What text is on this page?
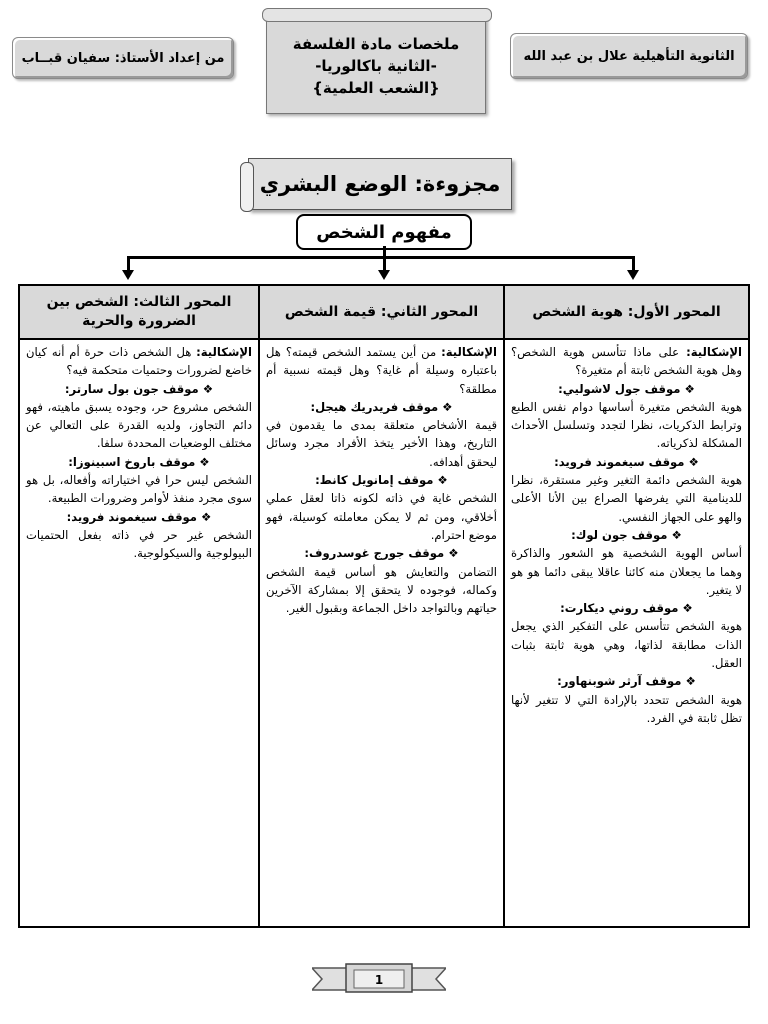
الثانوية التأهيلية علال بن عبد الله
من إعداد الأستاذ: سفيان قبــاب
ملخصات مادة الفلسفة
-الثانية باكالوريا-
{الشعب العلمية}
مجزوءة: الوضع البشري
مفهوم الشخص
المحور الأول: هوية الشخص

الإشكالية: على ماذا تتأسس هوية الشخص؟ وهل هوية الشخص ثابتة أم متغيرة؟

❖موقف جول لاشوليي:

هوية الشخص متغيرة أساسها دوام نفس الطبع وترابط الذكريات، نظرا لتجدد وتسلسل الأحداث المشكلة لذكرياته.

❖موقف سيغموند فرويد:

هوية الشخص دائمة التغير وغير مستقرة، نظرا للدينامية التي يفرضها الصراع بين الأنا الأعلى والهو على الجهاز النفسي.

❖موقف جون لوك:

أساس الهوية الشخصية هو الشعور والذاكرة وهما ما يجعلان منه كائنا عاقلا يبقى دائما هو هو لا يتغير.

❖موقف روني ديكارت:

هوية الشخص تتأسس على التفكير الذي يجعل الذات مطابقة لذاتها، وهي هوية ثابتة بثبات العقل.

❖موقف آرثر شوبنهاور:

هوية الشخص تتحدد بالإرادة التي لا تتغير لأنها تظل ثابتة في الفرد.

المحور الثاني: قيمة الشخص

الإشكالية: من أين يستمد الشخص قيمته؟ هل باعتباره وسيلة أم غاية؟ وهل قيمته نسبية أم مطلقة؟

❖موقف فريدريك هيجل:

قيمة الأشخاص متعلقة بمدى ما يقدمون في التاريخ، وهذا الأخير يتخذ الأفراد مجرد وسائل ليحقق أهدافه.

❖موقف إمانويل كانط:

الشخص غاية في ذاته لكونه ذاتا لعقل عملي أخلاقي، ومن ثم لا يمكن معاملته كوسيلة، فهو موضع احترام.

❖موقف جورج غوسدروف:

التضامن والتعايش هو أساس قيمة الشخص وكماله، فوجوده لا يتحقق إلا بمشاركة الآخرين حياتهم وبالتواجد داخل الجماعة وبقبول الغير.

المحور الثالث: الشخص بين الضرورة والحرية

الإشكالية: هل الشخص ذات حرة أم أنه كيان خاضع لضرورات وحتميات متحكمة فيه؟

❖موقف جون بول سارتر:

الشخص مشروع حر، وجوده يسبق ماهيته، فهو دائم التجاوز، ولديه القدرة على التعالي عن مختلف الوضعيات المحددة سلفا.

❖موقف باروخ اسبينوزا:

الشخص ليس حرا في اختياراته وأفعاله، بل هو سوى مجرد منفذ لأوامر وضرورات الطبيعة.

❖موقف سيغموند فرويد:

الشخص غير حر في ذاته بفعل الحتميات البيولوجية والسيكولوجية.

1
